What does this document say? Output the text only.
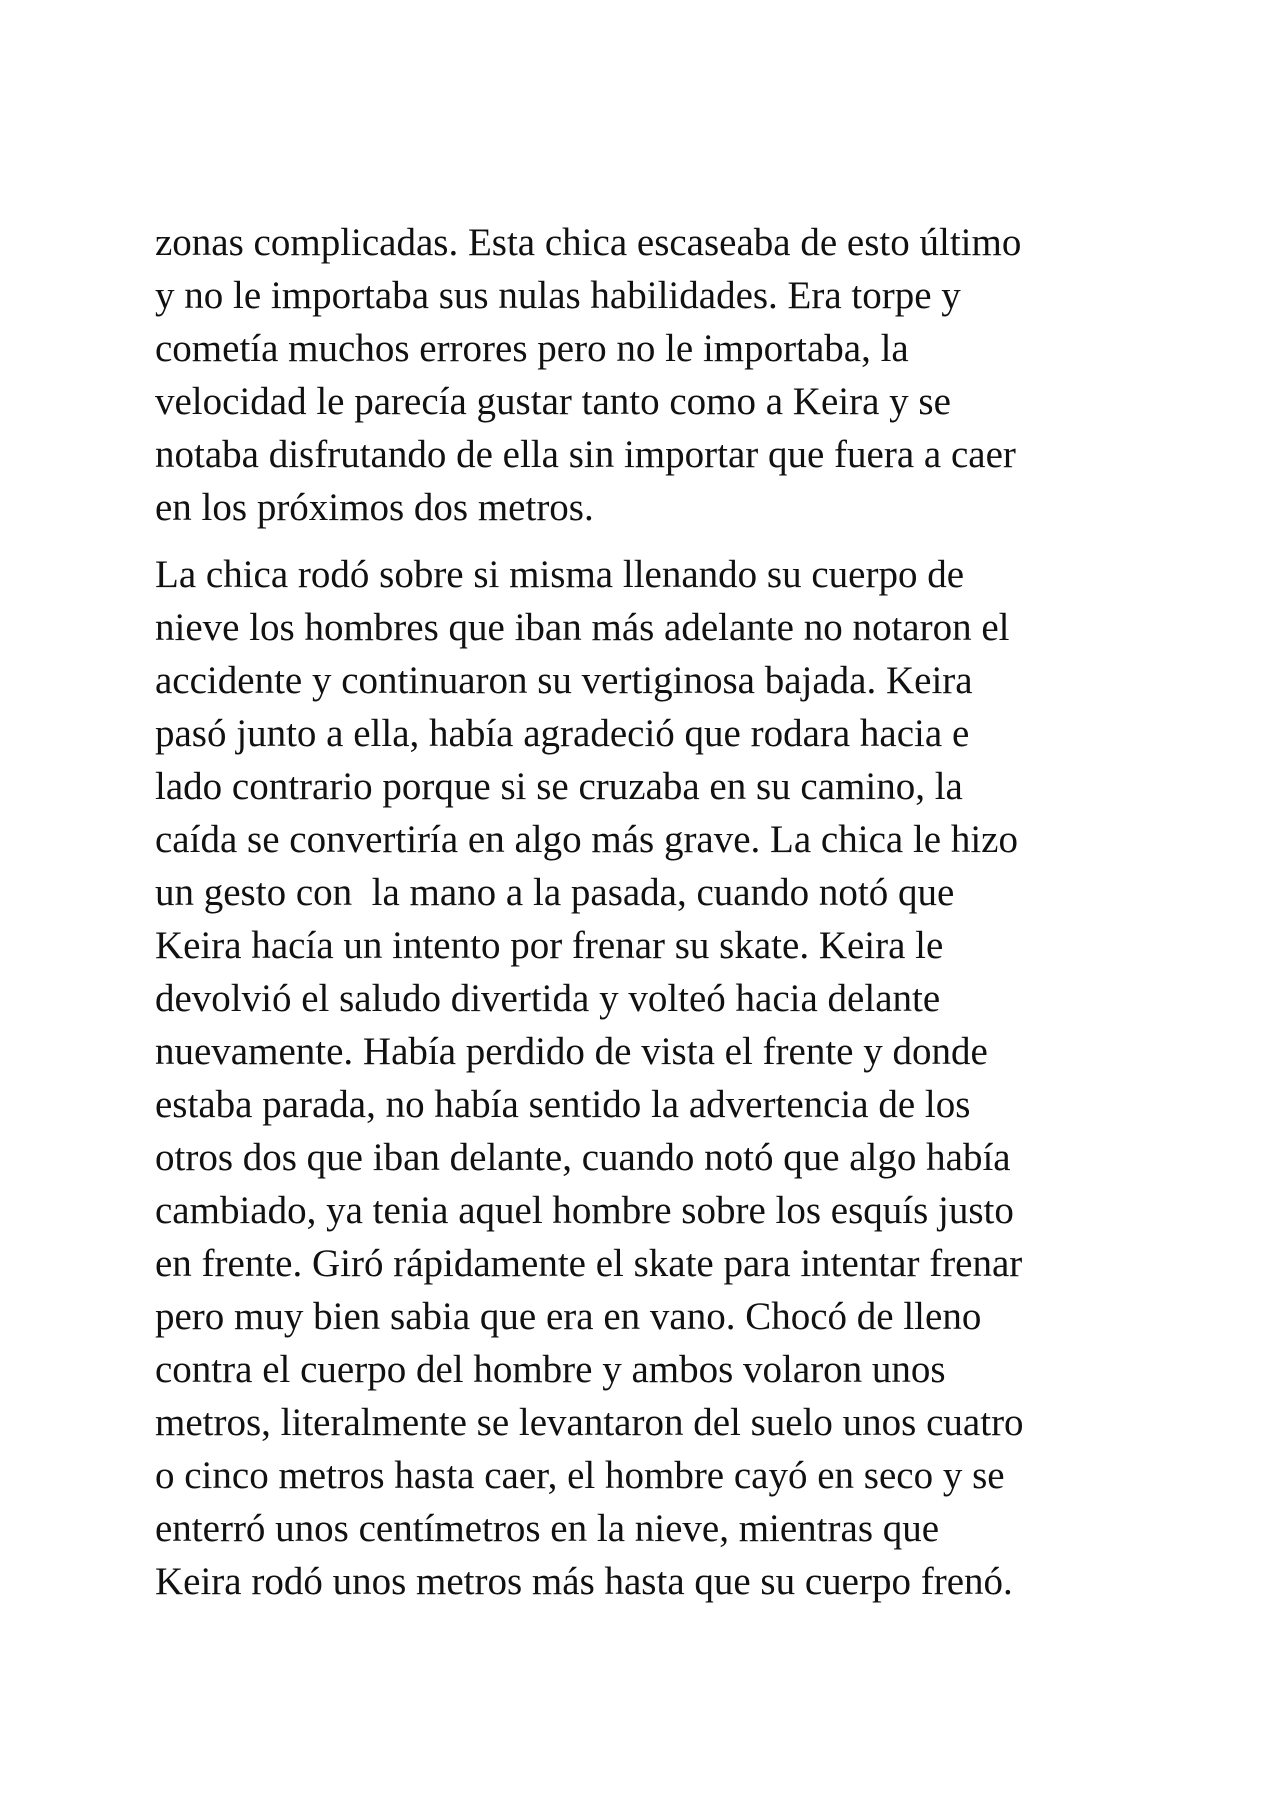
zonas complicadas. Esta chica escaseaba de esto último
y no le importaba sus nulas habilidades. Era torpe y
cometía muchos errores pero no le importaba, la
velocidad le parecía gustar tanto como a Keira y se
notaba disfrutando de ella sin importar que fuera a caer
en los próximos dos metros.

La chica rodó sobre si misma llenando su cuerpo de
nieve los hombres que iban más adelante no notaron el
accidente y continuaron su vertiginosa bajada. Keira
pasó junto a ella, había agradeció que rodara hacia e
lado contrario porque si se cruzaba en su camino, la
caída se convertiría en algo más grave. La chica le hizo
un gesto con  la mano a la pasada, cuando notó que
Keira hacía un intento por frenar su skate. Keira le
devolvió el saludo divertida y volteó hacia delante
nuevamente. Había perdido de vista el frente y donde
estaba parada, no había sentido la advertencia de los
otros dos que iban delante, cuando notó que algo había
cambiado, ya tenia aquel hombre sobre los esquís justo
en frente. Giró rápidamente el skate para intentar frenar
pero muy bien sabia que era en vano. Chocó de lleno
contra el cuerpo del hombre y ambos volaron unos
metros, literalmente se levantaron del suelo unos cuatro
o cinco metros hasta caer, el hombre cayó en seco y se
enterró unos centímetros en la nieve, mientras que
Keira rodó unos metros más hasta que su cuerpo frenó.
